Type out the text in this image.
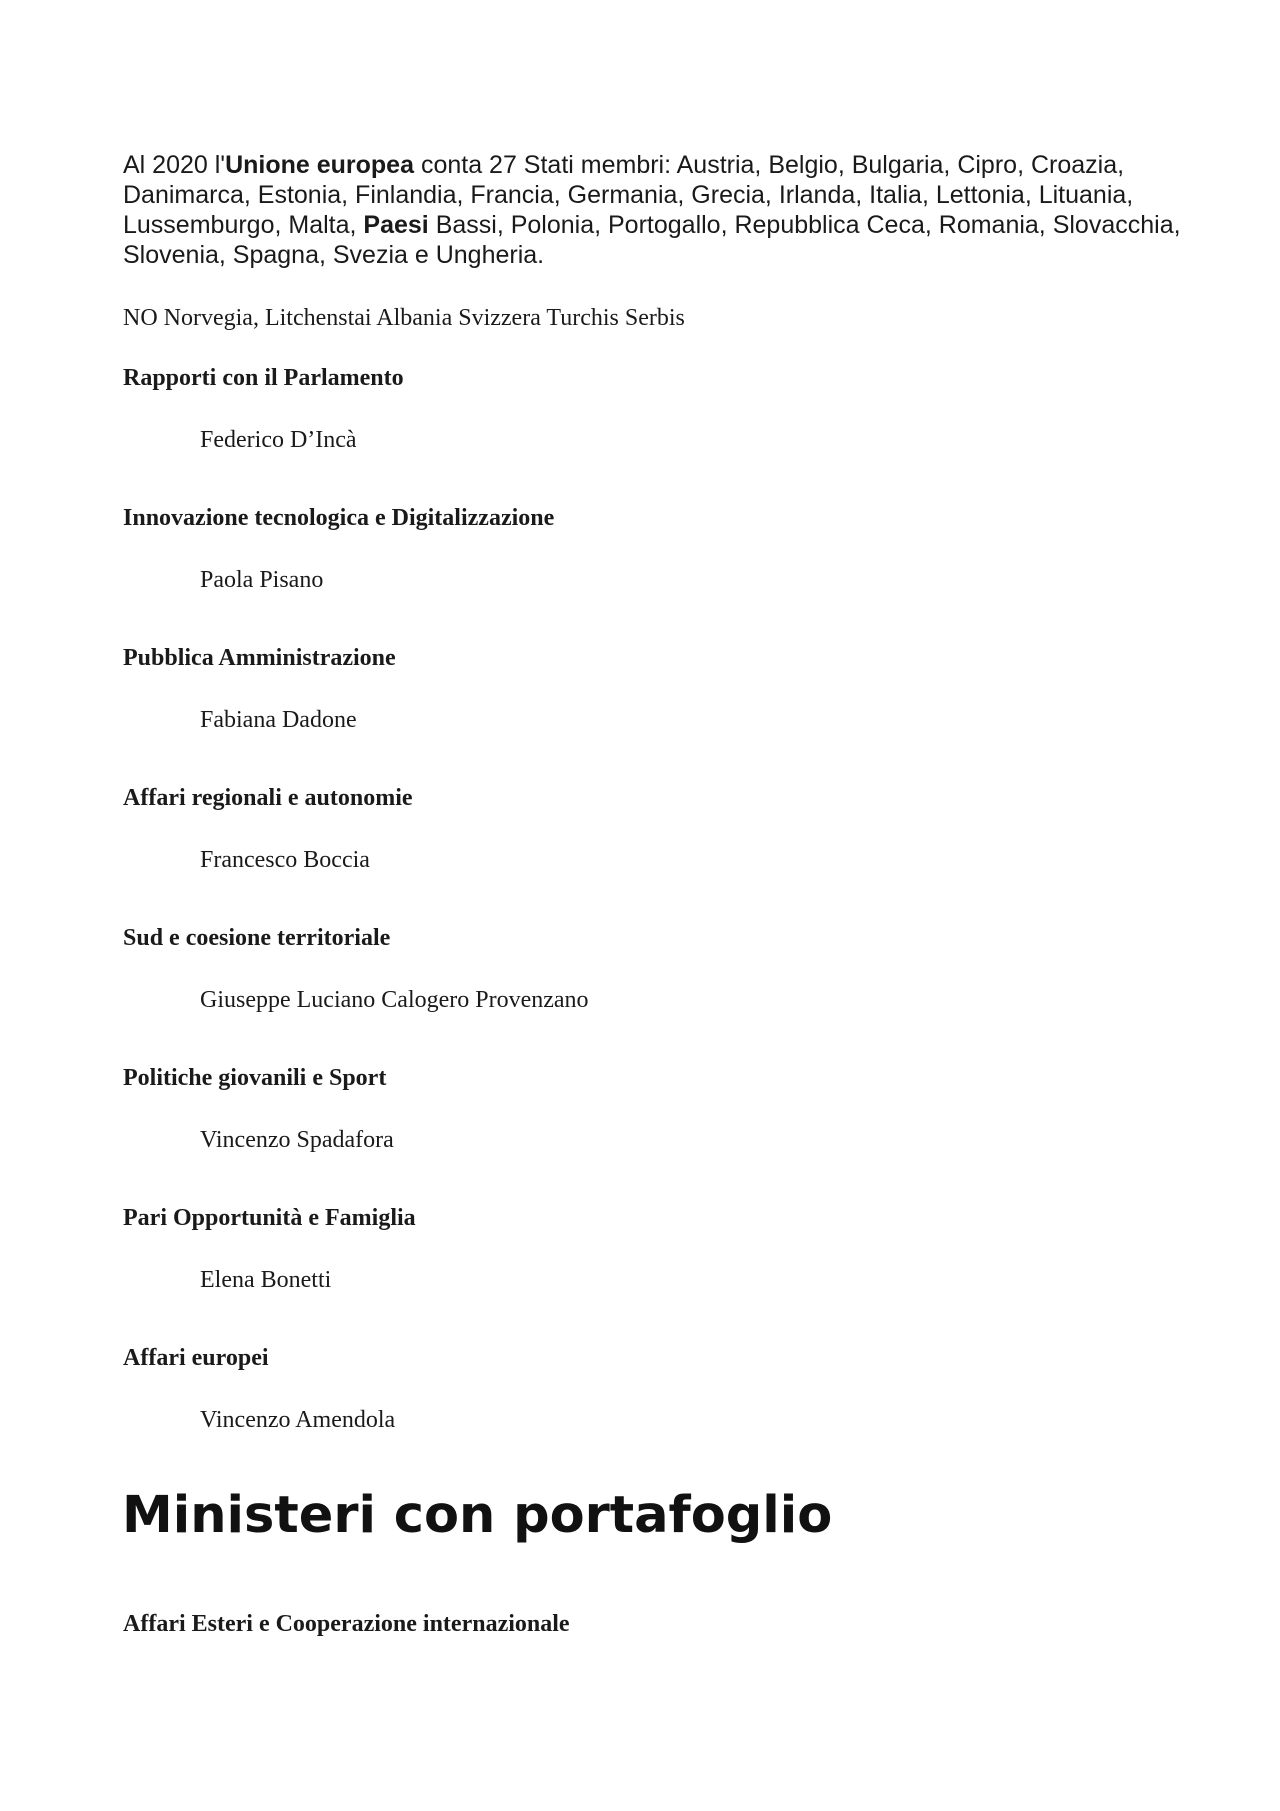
Al 2020 l'Unione europea conta 27 Stati membri: Austria, Belgio, Bulgaria, Cipro, Croazia, Danimarca, Estonia, Finlandia, Francia, Germania, Grecia, Irlanda, Italia, Lettonia, Lituania, Lussemburgo, Malta, Paesi Bassi, Polonia, Portogallo, Repubblica Ceca, Romania, Slovacchia, Slovenia, Spagna, Svezia e Ungheria.

NO Norvegia, Litchenstai Albania Svizzera Turchis Serbis

Rapporti con il Parlamento

Federico D’Incà

Innovazione tecnologica e Digitalizzazione

Paola Pisano

Pubblica Amministrazione

Fabiana Dadone

Affari regionali e autonomie

Francesco Boccia

Sud e coesione territoriale

Giuseppe Luciano Calogero Provenzano

Politiche giovanili e Sport

Vincenzo Spadafora

Pari Opportunità e Famiglia

Elena Bonetti

Affari europei

Vincenzo Amendola

Ministeri con portafoglio

Affari Esteri e Cooperazione internazionale
